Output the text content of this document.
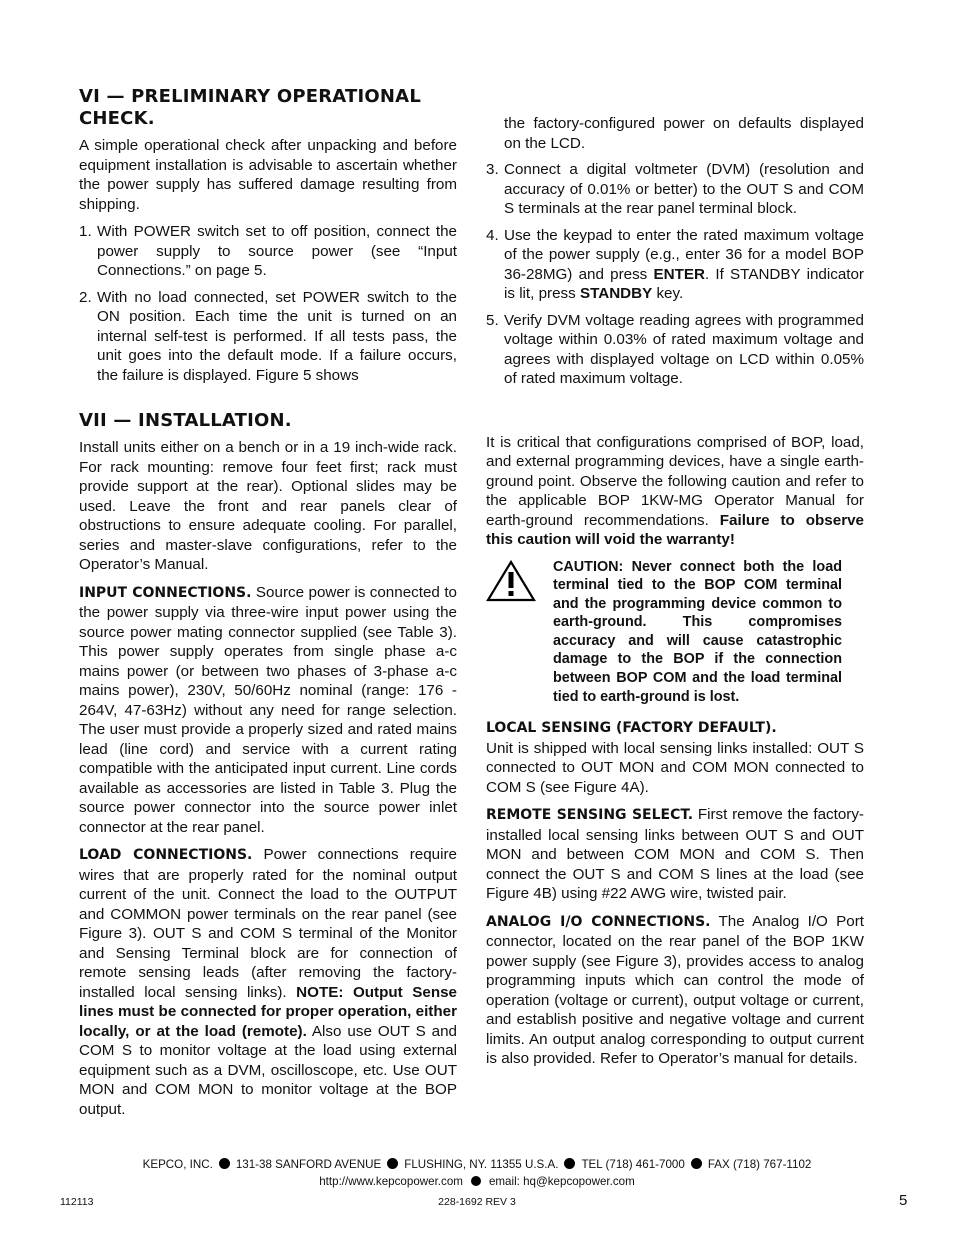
VI — PRELIMINARY OPERATIONAL CHECK.

A simple operational check after unpacking and before equipment installation is advisable to ascertain whether the power supply has suffered damage resulting from shipping.

1. With POWER switch set to off position, connect the power supply to source power (see “Input Connections.” on page 5.
2. With no load connected, set POWER switch to the ON position. Each time the unit is turned on an internal self-test is performed. If all tests pass, the unit goes into the default mode. If a failure occurs, the failure is displayed. Figure 5 shows
VII — INSTALLATION.

Install units either on a bench or in a 19 inch-wide rack. For rack mounting: remove four feet first; rack must provide support at the rear). Optional slides may be used. Leave the front and rear panels clear of obstructions to ensure adequate cooling. For parallel, series and master-slave configurations, refer to the Operator’s Manual.

INPUT CONNECTIONS. Source power is connected to the power supply via three-wire input power using the source power mating connector supplied (see Table 3). This power supply operates from single phase a-c mains power (or between two phases of 3-phase a-c mains power), 230V, 50/60Hz nominal (range: 176 - 264V, 47-63Hz) without any need for range selection. The user must provide a properly sized and rated mains lead (line cord) and service with a current rating compatible with the anticipated input current. Line cords available as accessories are listed in Table 3. Plug the source power connector into the source power inlet connector at the rear panel.

LOAD CONNECTIONS. Power connections require wires that are properly rated for the nominal output current of the unit. Connect the load to the OUTPUT and COMMON power terminals on the rear panel (see Figure 3). OUT S and COM S terminal of the Monitor and Sensing Terminal block are for connection of remote sensing leads (after removing the factory-installed local sensing links). NOTE: Output Sense lines must be connected for proper operation, either locally, or at the load (remote). Also use OUT S and COM S to monitor voltage at the load using external equipment such as a DVM, oscilloscope, etc. Use OUT MON and COM MON to monitor voltage at the BOP output.

the factory-configured power on defaults displayed on the LCD.
3. Connect a digital voltmeter (DVM) (resolution and accuracy of 0.01% or better) to the OUT S and COM S terminals at the rear panel terminal block.
4. Use the keypad to enter the rated maximum voltage of the power supply (e.g., enter 36 for a model BOP 36-28MG) and press ENTER. If STANDBY indicator is lit, press STANDBY key.
5. Verify DVM voltage reading agrees with programmed voltage within 0.03% of rated maximum voltage and agrees with displayed voltage on LCD within 0.05% of rated maximum voltage.

It is critical that configurations comprised of BOP, load, and external programming devices, have a single earth-ground point. Observe the following caution and refer to the applicable BOP 1KW-MG Operator Manual for earth-ground recommendations. Failure to observe this caution will void the warranty!

CAUTION: Never connect both the load terminal tied to the BOP COM terminal and the programming device common to earth-ground. This compromises accuracy and will cause catastrophic damage to the BOP if the connection between BOP COM and the load terminal tied to earth-ground is lost.

LOCAL SENSING (FACTORY DEFAULT).
Unit is shipped with local sensing links installed: OUT S connected to OUT MON and COM MON connected to COM S (see Figure 4A).

REMOTE SENSING SELECT. First remove the factory-installed local sensing links between OUT S and OUT MON and between COM MON and COM S. Then connect the OUT S and COM S lines at the load (see Figure 4B) using #22 AWG wire, twisted pair.

ANALOG I/O CONNECTIONS. The Analog I/O Port connector, located on the rear panel of the BOP 1KW power supply (see Figure 3), provides access to analog programming inputs which can control the mode of operation (voltage or current), output voltage or current, and establish positive and negative voltage and current limits. An output analog corresponding to output current is also provided. Refer to Operator’s manual for details.

KEPCO, INC. 131-38 SANFORD AVENUE FLUSHING, NY. 11355 U.S.A. TEL (718) 461-7000 FAX (718) 767-1102
http://www.kepcopower.com email: hq@kepcopower.com
112113	228-1692 REV 3	5
